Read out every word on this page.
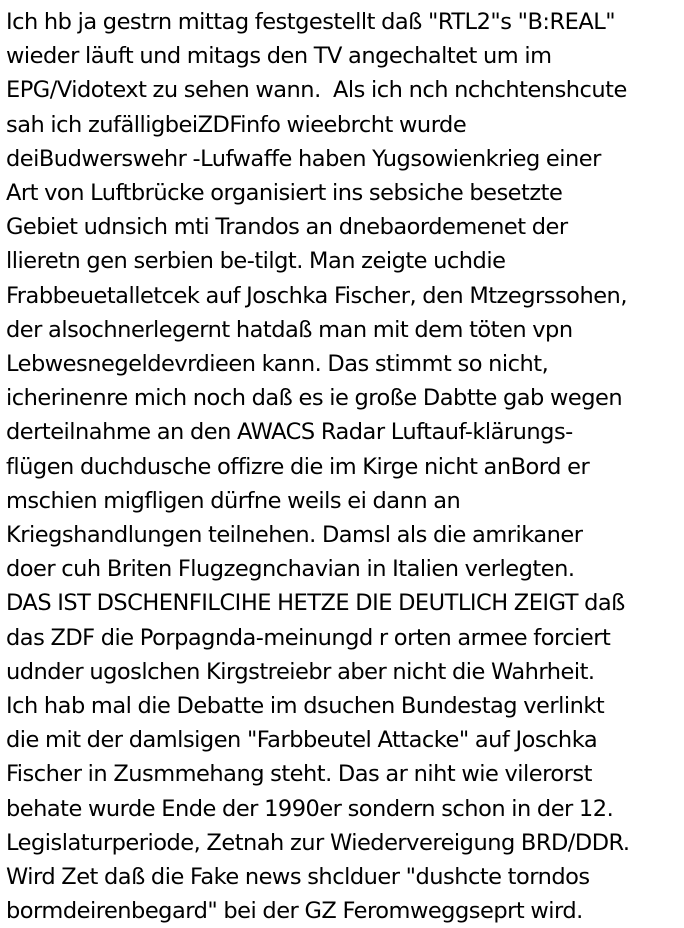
Ich hb ja gestrn mittag festgestellt daß "RTL2"s "B:REAL"
wieder läuft und mitags den TV angechaltet um im
EPG/Vidotext zu sehen wann.  Als ich nch nchchtenshcute
sah ich zufälligbeiZDFinfo wieebrcht wurde
deiBudwerswehr -Lufwaffe haben Yugsowienkrieg einer
Art von Luftbrücke organisiert ins sebsiche besetzte
Gebiet udnsich mti Trandos an dnebaordemenet der
llieretn gen serbien be-tilgt. Man zeigte uchdie
Frabbeuetalletcek auf Joschka Fischer, den Mtzegrssohen,
der alsochnerlegernt hatdaß man mit dem töten vpn
Lebwesnegeldevrdieen kann. Das stimmt so nicht,
icherinenre mich noch daß es ie große Dabtte gab wegen
derteilnahme an den AWACS Radar Luftauf-klärungs-
flügen duchdusche offizre die im Kirge nicht anBord er
mschien migfligen dürfne weils ei dann an
Kriegshandlungen teilnehen. Damsl als die amrikaner
doer cuh Briten Flugzegnchavian in Italien verlegten.
DAS IST DSCHENFILCIHE HETZE DIE DEUTLICH ZEIGT daß
das ZDF die Porpagnda-meinungd r orten armee forciert
udnder ugoslchen Kirgstreiebr aber nicht die Wahrheit.
Ich hab mal die Debatte im dsuchen Bundestag verlinkt
die mit der damlsigen "Farbbeutel Attacke" auf Joschka
Fischer in Zusmmehang steht. Das ar niht wie vilerorst
behate wurde Ende der 1990er sondern schon in der 12.
Legislaturperiode, Zetnah zur Wiedervereigung BRD/DDR.
Wird Zet daß die Fake news shclduer "dushcte torndos
bormdeirenbegard" bei der GZ Feromweggseprt wird.
